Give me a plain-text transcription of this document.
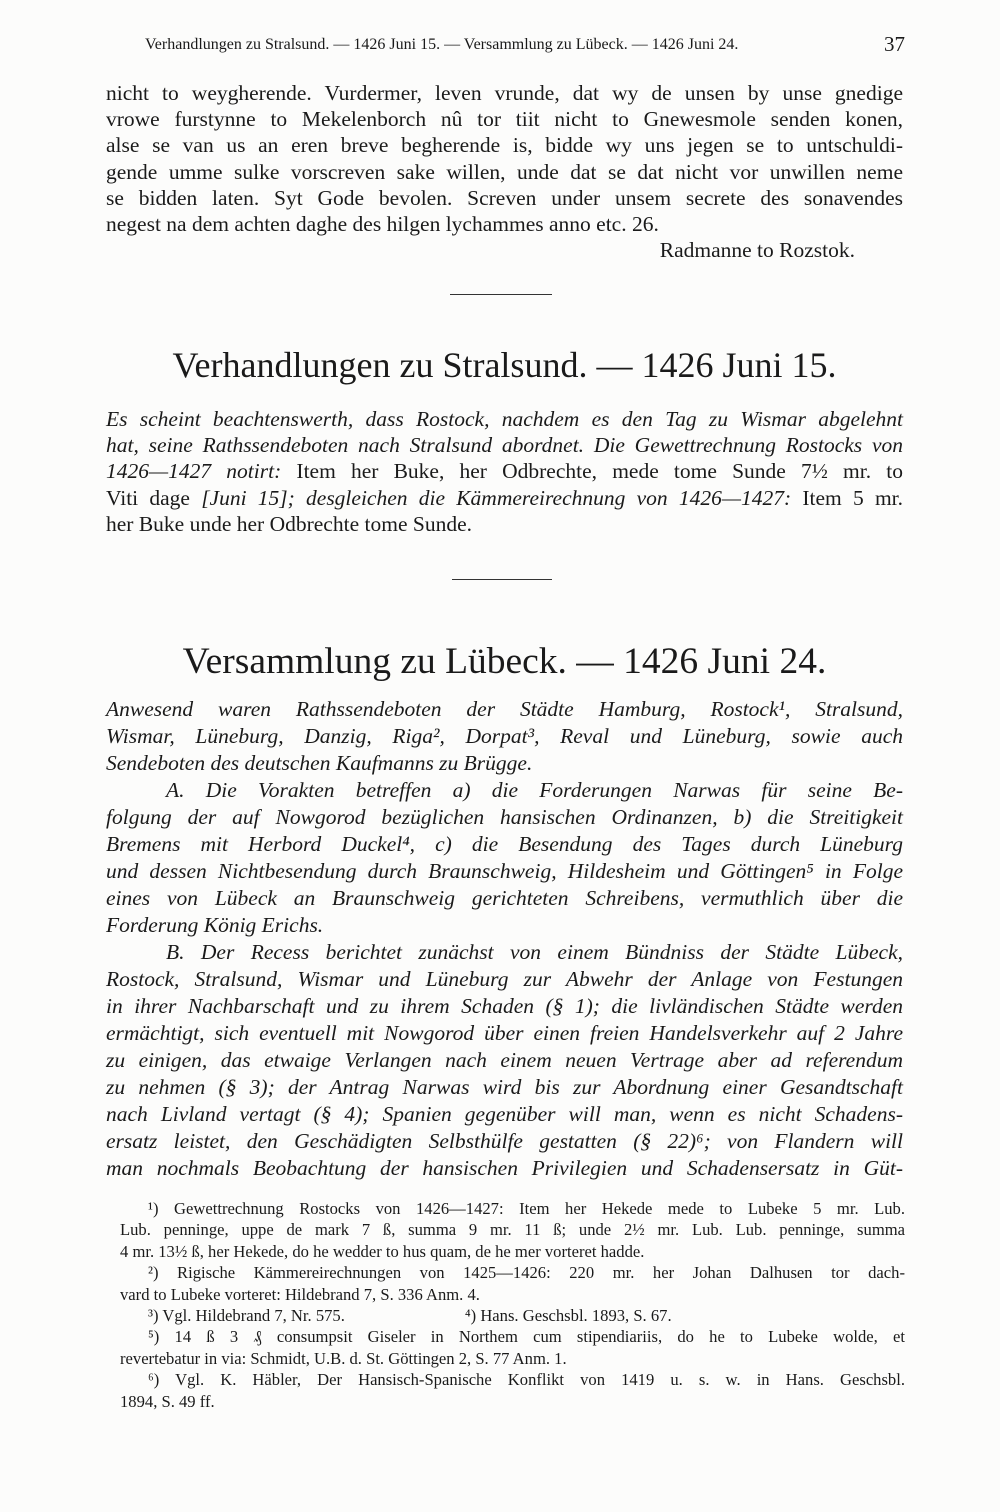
Verhandlungen zu Stralsund. — 1426 Juni 15. — Versammlung zu Lübeck. — 1426 Juni 24.	37
nicht to weygherende. Vurdermer, leven vrunde, dat wy de unsen by unse gnedige
vrowe furstynne to Mekelenborch nû tor tiit nicht to Gnewesmole senden konen,
alse se van us an eren breve begherende is, bidde wy uns jegen se to untschuldi-
gende umme sulke vorscreven sake willen, unde dat se dat nicht vor unwillen neme
se bidden laten. Syt Gode bevolen. Screven under unsem secrete des sonavendes
negest na dem achten daghe des hilgen lychammes anno etc. 26.
Radmanne to Rozstok.
Verhandlungen zu Stralsund. — 1426 Juni 15.
Es scheint beachtenswerth, dass Rostock, nachdem es den Tag zu Wismar abgelehnt
hat, seine Rathssendeboten nach Stralsund abordnet. Die Gewettrechnung Rostocks von
1426—1427 notirt: Item her Buke, her Odbrechte, mede tome Sunde 7½ mr. to
Viti dage [Juni 15]; desgleichen die Kämmereirechnung von 1426—1427: Item 5 mr.
her Buke unde her Odbrechte tome Sunde.
Versammlung zu Lübeck. — 1426 Juni 24.
Anwesend waren Rathssendeboten der Städte Hamburg, Rostock¹, Stralsund,
Wismar, Lüneburg, Danzig, Riga², Dorpat³, Reval und Lüneburg, sowie auch
Sendeboten des deutschen Kaufmanns zu Brügge.
A. Die Vorakten betreffen a) die Forderungen Narwas für seine Be-
folgung der auf Nowgorod bezüglichen hansischen Ordinanzen, b) die Streitigkeit
Bremens mit Herbord Duckel⁴, c) die Besendung des Tages durch Lüneburg
und dessen Nichtbesendung durch Braunschweig, Hildesheim und Göttingen⁵ in Folge
eines von Lübeck an Braunschweig gerichteten Schreibens, vermuthlich über die
Forderung König Erichs.
B. Der Recess berichtet zunächst von einem Bündniss der Städte Lübeck,
Rostock, Stralsund, Wismar und Lüneburg zur Abwehr der Anlage von Festungen
in ihrer Nachbarschaft und zu ihrem Schaden (§ 1); die livländischen Städte werden
ermächtigt, sich eventuell mit Nowgorod über einen freien Handelsverkehr auf 2 Jahre
zu einigen, das etwaige Verlangen nach einem neuen Vertrage aber ad referendum
zu nehmen (§ 3); der Antrag Narwas wird bis zur Abordnung einer Gesandtschaft
nach Livland vertagt (§ 4); Spanien gegenüber will man, wenn es nicht Schadens-
ersatz leistet, den Geschädigten Selbsthülfe gestatten (§ 22)⁶; von Flandern will
man nochmals Beobachtung der hansischen Privilegien und Schadensersatz in Güt-
¹) Gewettrechnung Rostocks von 1426—1427: Item her Hekede mede to Lubeke 5 mr. Lub.
Lub. penninge, uppe de mark 7 ß, summa 9 mr. 11 ß; unde 2½ mr. Lub. Lub. penninge, summa
4 mr. 13½ ß, her Hekede, do he wedder to hus quam, de he mer vorteret hadde.
²) Rigische Kämmereirechnungen von 1425—1426: 220 mr. her Johan Dalhusen tor dach-
vard to Lubeke vorteret: Hildebrand 7, S. 336 Anm. 4.
³) Vgl. Hildebrand 7, Nr. 575.	⁴) Hans. Geschsbl. 1893, S. 67.
⁵) 14 ß 3 ₰ consumpsit Giseler in Northem cum stipendiariis, do he to Lubeke wolde, et
revertebatur in via: Schmidt, U.B. d. St. Göttingen 2, S. 77 Anm. 1.
⁶) Vgl. K. Häbler, Der Hansisch-Spanische Konflikt von 1419 u. s. w. in Hans. Geschsbl.
1894, S. 49 ff.
